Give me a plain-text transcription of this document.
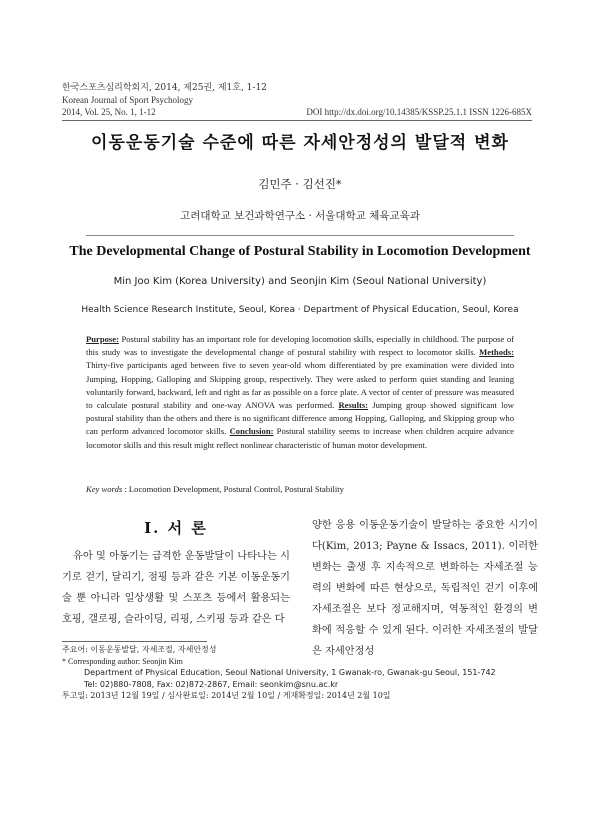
한국스포츠심리학회지, 2014, 제25권, 제1호, 1-12
Korean Journal of Sport Psychology
2014, Vol. 25, No. 1, 1-12	DOI http://dx.doi.org/10.14385/KSSP.25.1.1 ISSN 1226-685X
이동운동기술 수준에 따른 자세안정성의 발달적 변화
김민주 · 김선진*
고려대학교 보건과학연구소 · 서울대학교 체육교육과
The Developmental Change of Postural Stability in Locomotion Development
Min Joo Kim (Korea University) and Seonjin Kim (Seoul National University)
Health Science Research Institute, Seoul, Korea · Department of Physical Education, Seoul, Korea
Purpose: Postural stability has an important role for developing locomotion skills, especially in childhood. The purpose of this study was to investigate the developmental change of postural stability with respect to locomotor skills. Methods: Thirty-five participants aged between five to seven year-old whom differentiated by pre examination were divided into Jumping, Hopping, Galloping and Skipping group, respectively. They were asked to perform quiet standing and leaning voluntarily forward, backward, left and right as far as possible on a force plate. A vector of center of pressure was measured to calculate postural stability and one-way ANOVA was performed. Results: Jumping group showed significant low postural stability than the others and there is no significant difference among Hopping, Galloping, and Skipping group who can perform advanced locomotor skills. Conclusion: Postural stability seems to increase when children acquire advance locomotor skills and this result might reflect nonlinear characteristic of human motor development.
Key words : Locomotion Development, Postural Control, Postural Stability
I. 서 론
유아 및 아동기는 급격한 운동발달이 나타나는 시기로 걷기, 달리기, 점핑 등과 같은 기본 이동운동기술 뿐 아니라 일상생활 및 스포츠 등에서 활용되는 호핑, 갤로핑, 슬라이딩, 리핑, 스키핑 등과 같은 다
양한 응용 이동운동기술이 발달하는 중요한 시기이다(Kim, 2013; Payne & Issacs, 2011). 이러한 변화는 출생 후 지속적으로 변화하는 자세조절 능력의 변화에 따른 현상으로, 독립적인 걷기 이후에 자세조절은 보다 정교해지며, 역동적인 환경의 변화에 적응할 수 있게 된다. 이러한 자세조절의 발달은 자세안정성
주요어: 이동운동발달, 자세조절, 자세안정성
* Corresponding author: Seonjin Kim
Department of Physical Education, Seoul National University, 1 Gwanak-ro, Gwanak-gu Seoul, 151-742
Tel: 02)880-7808, Fax: 02)872-2867, Email: seonkim@snu.ac.kr
투고일: 2013년 12월 19일 / 심사완료일: 2014년 2월 10일 / 게재확정일: 2014년 2월 10일
